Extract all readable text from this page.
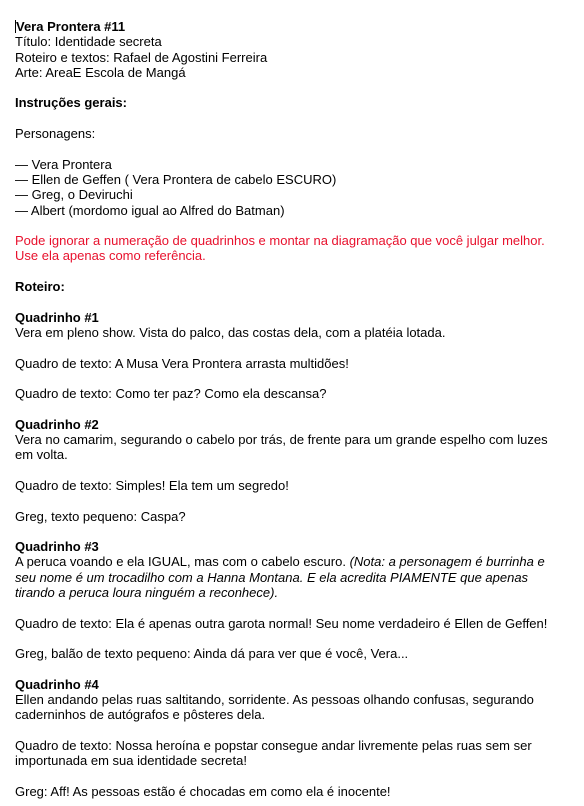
Vera Prontera #11
Título: Identidade secreta
Roteiro e textos: Rafael de Agostini Ferreira
Arte: AreaE Escola de Mangá
Instruções gerais:
Personagens:
— Vera Prontera
— Ellen de Geffen ( Vera Prontera de cabelo ESCURO)
— Greg, o Deviruchi
— Albert (mordomo igual ao Alfred do Batman)
Pode ignorar a numeração de quadrinhos e montar na diagramação que você julgar melhor.
Use ela apenas como referência.
Roteiro:
Quadrinho #1
Vera em pleno show. Vista do palco, das costas dela, com a platéia lotada.
Quadro de texto: A Musa Vera Prontera arrasta multidões!
Quadro de texto: Como ter paz? Como ela descansa?
Quadrinho #2
Vera no camarim, segurando o cabelo por trás, de frente para um grande espelho com luzes
em volta.
Quadro de texto: Simples! Ela tem um segredo!
Greg, texto pequeno: Caspa?
Quadrinho #3
A peruca voando e ela IGUAL, mas com o cabelo escuro. (Nota: a personagem é burrinha e
seu nome é um trocadilho com a Hanna Montana. E ela acredita PIAMENTE que apenas
tirando a peruca loura ninguém a reconhece).
Quadro de texto: Ela é apenas outra garota normal! Seu nome verdadeiro é Ellen de Geffen!
Greg, balão de texto pequeno: Ainda dá para ver que é você, Vera...
Quadrinho #4
Ellen andando pelas ruas saltitando, sorridente. As pessoas olhando confusas, segurando
caderninhos de autógrafos e pôsteres dela.
Quadro de texto: Nossa heroína e popstar consegue andar livremente pelas ruas sem ser
importunada em sua identidade secreta!
Greg: Aff! As pessoas estão é chocadas em como ela é inocente!
